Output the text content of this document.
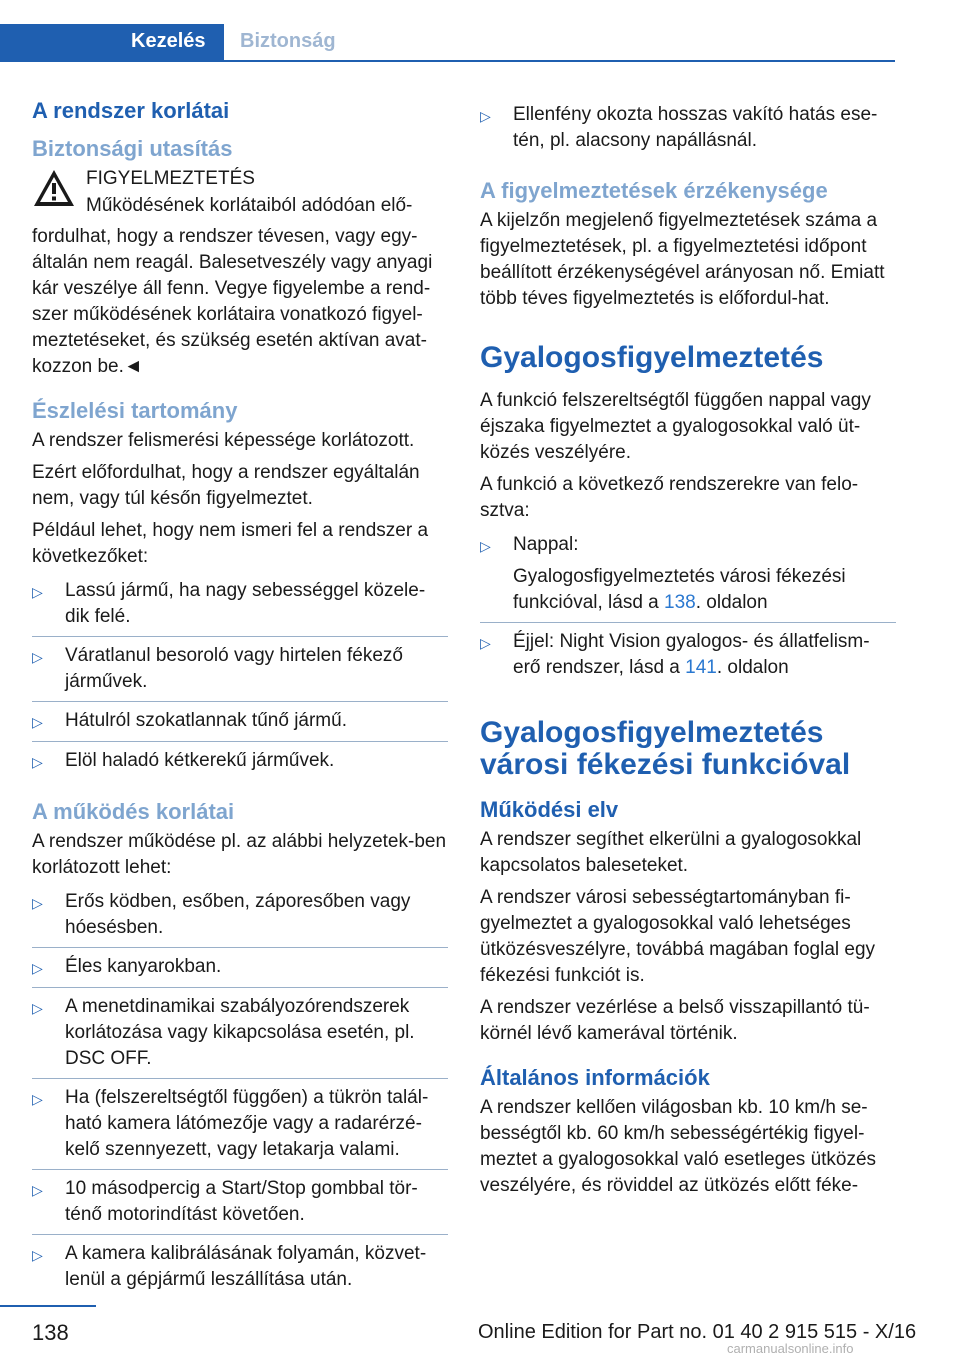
Kezelés	Biztonság
A rendszer korlátai
Biztonsági utasítás
FIGYELMEZTETÉS
Működésének korlátaiból adódóan elő-

fordulhat, hogy a rendszer tévesen, vagy egy-általán nem reagál. Balesetveszély vagy anyagi kár veszélye áll fenn. Vegye figyelembe a rend-szer működésének korlátaira vonatkozó figyel-meztetéseket, és szükség esetén aktívan avat-kozzon be.◄

Észlelési tartomány

A rendszer felismerési képessége korlátozott.

Ezért előfordulhat, hogy a rendszer egyáltalán nem, vagy túl későn figyelmeztet.

Például lehet, hogy nem ismeri fel a rendszer a következőket:

▷	Lassú jármű, ha nagy sebességgel közele-dik felé.
▷	Váratlanul besoroló vagy hirtelen fékező járművek.
▷	Hátulról szokatlannak tűnő jármű.
▷	Elöl haladó kétkerekű járművek.
A működés korlátai

A rendszer működése pl. az alábbi helyzetek-ben korlátozott lehet:

▷	Erős ködben, esőben, záporesőben vagy hóesésben.
▷	Éles kanyarokban.
▷	A menetdinamikai szabályozórendszerek korlátozása vagy kikapcsolása esetén, pl. DSC OFF.
▷	Ha (felszereltségtől függően) a tükrön talál-ható kamera látómezője vagy a radarérzé-kelő szennyezett, vagy letakarja valami.
▷	10 másodpercig a Start/Stop gombbal tör-ténő motorindítást követően.
▷	A kamera kalibrálásának folyamán, közvet-lenül a gépjármű leszállítása után.
▷	Ellenfény okozta hosszas vakító hatás ese-tén, pl. alacsony napállásnál.
A figyelmeztetések érzékenysége

A kijelzőn megjelenő figyelmeztetések száma a figyelmeztetések, pl. a figyelmeztetési időpont beállított érzékenységével arányosan nő. Emiatt több téves figyelmeztetés is előfordul-hat.

Gyalogosfigyelmeztetés

A funkció felszereltségtől függően nappal vagy éjszaka figyelmeztet a gyalogosokkal való üt-közés veszélyére.

A funkció a következő rendszerekre van felo-sztva:

▷	Nappal:
Gyalogosfigyelmeztetés városi fékezési funkcióval, lásd a 138. oldalon
▷	Éjjel: Night Vision gyalogos- és állatfelism-erő rendszer, lásd a 141. oldalon
Gyalogosfigyelmeztetés városi fékezési funkcióval
Működési elv

A rendszer segíthet elkerülni a gyalogosokkal kapcsolatos baleseteket.

A rendszer városi sebességtartományban fi-gyelmeztet a gyalogosokkal való lehetséges ütközésveszélyre, továbbá magában foglal egy fékezési funkciót is.

A rendszer vezérlése a belső visszapillantó tü-körnél lévő kamerával történik.

Általános információk

A rendszer kellően világosban kb. 10 km/h se-bességtől kb. 60 km/h sebességértékig figyel-meztet a gyalogosokkal való esetleges ütközés veszélyére, és röviddel az ütközés előtt féke-

138	Online Edition for Part no. 01 40 2 915 515 - X/16
carmanualsonline.info
